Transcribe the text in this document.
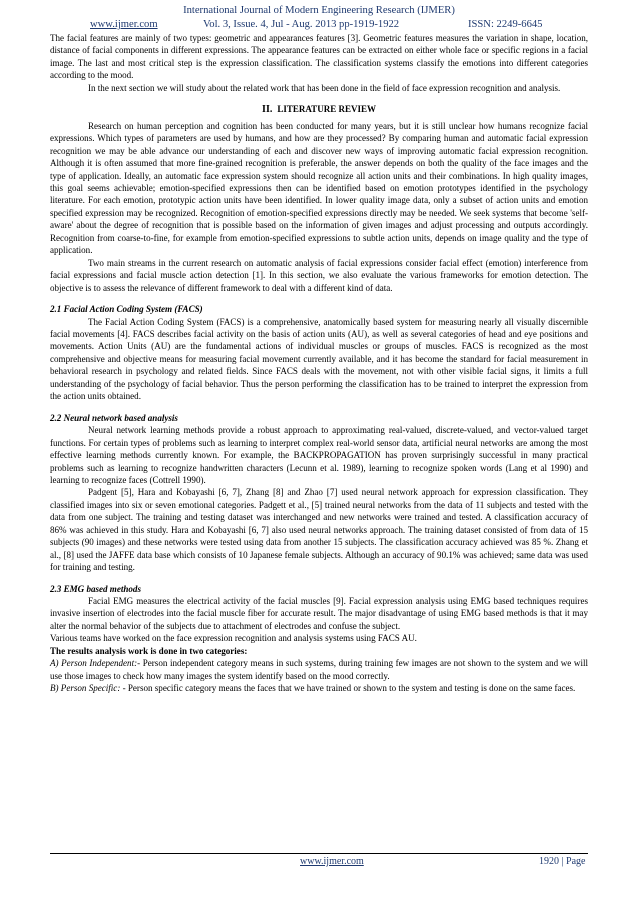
International Journal of Modern Engineering Research (IJMER)
www.ijmer.com	Vol. 3, Issue. 4, Jul - Aug. 2013 pp-1919-1922	ISSN: 2249-6645

The facial features are mainly of two types: geometric and appearances features [3]. Geometric features measures the variation in shape, location, distance of facial components in different expressions. The appearance features can be extracted on either whole face or specific regions in a facial image. The last and most critical step is the expression classification. The classification systems classify the emotions into different categories according to the mood.

In the next section we will study about the related work that has been done in the field of face expression recognition and analysis.

II. LITERATURE REVIEW

Research on human perception and cognition has been conducted for many years, but it is still unclear how humans recognize facial expressions. Which types of parameters are used by humans, and how are they processed? By comparing human and automatic facial expression recognition we may be able advance our understanding of each and discover new ways of improving automatic facial expression recognition. Although it is often assumed that more fine-grained recognition is preferable, the answer depends on both the quality of the face images and the type of application. Ideally, an automatic face expression system should recognize all action units and their combinations. In high quality images, this goal seems achievable; emotion-specified expressions then can be identified based on emotion prototypes identified in the psychology literature. For each emotion, prototypic action units have been identified. In lower quality image data, only a subset of action units and emotion specified expression may be recognized. Recognition of emotion-specified expressions directly may be needed. We seek systems that become 'self-aware' about the degree of recognition that is possible based on the information of given images and adjust processing and outputs accordingly. Recognition from coarse-to-fine, for example from emotion-specified expressions to subtle action units, depends on image quality and the type of application.

Two main streams in the current research on automatic analysis of facial expressions consider facial effect (emotion) interference from facial expressions and facial muscle action detection [1]. In this section, we also evaluate the various frameworks for emotion detection. The objective is to assess the relevance of different framework to deal with a different kind of data.

2.1 Facial Action Coding System (FACS)

The Facial Action Coding System (FACS) is a comprehensive, anatomically based system for measuring nearly all visually discernible facial movements [4]. FACS describes facial activity on the basis of action units (AU), as well as several categories of head and eye positions and movements. Action Units (AU) are the fundamental actions of individual muscles or groups of muscles. FACS is recognized as the most comprehensive and objective means for measuring facial movement currently available, and it has become the standard for facial measurement in behavioral research in psychology and related fields. Since FACS deals with the movement, not with other visible facial signs, it limits a full understanding of the psychology of facial behavior. Thus the person performing the classification has to be trained to interpret the expression from the action units obtained.

2.2 Neural network based analysis

Neural network learning methods provide a robust approach to approximating real-valued, discrete-valued, and vector-valued target functions. For certain types of problems such as learning to interpret complex real-world sensor data, artificial neural networks are among the most effective learning methods currently known. For example, the BACKPROPAGATION has proven surprisingly successful in many practical problems such as learning to recognize handwritten characters (Lecunn et al. 1989), learning to recognize spoken words (Lang et al 1990) and learning to recognize faces (Cottrell 1990).

Padgent [5], Hara and Kobayashi [6, 7], Zhang [8] and Zhao [7] used neural network approach for expression classification. They classified images into six or seven emotional categories. Padgett et al., [5] trained neural networks from the data of 11 subjects and tested with the data from one subject. The training and testing dataset was interchanged and new networks were trained and tested. A classification accuracy of 86% was achieved in this study. Hara and Kobayashi [6, 7] also used neural networks approach. The training dataset consisted of from data of 15 subjects (90 images) and these networks were tested using data from another 15 subjects. The classification accuracy achieved was 85 %. Zhang et al., [8] used the JAFFE data base which consists of 10 Japanese female subjects. Although an accuracy of 90.1% was achieved; same data was used for training and testing.

2.3 EMG based methods

Facial EMG measures the electrical activity of the facial muscles [9]. Facial expression analysis using EMG based techniques requires invasive insertion of electrodes into the facial muscle fiber for accurate result. The major disadvantage of using EMG based methods is that it may alter the normal behavior of the subjects due to attachment of electrodes and confuse the subject.

Various teams have worked on the face expression recognition and analysis systems using FACS AU.

The results analysis work is done in two categories:

A) Person Independent:- Person independent category means in such systems, during training few images are not shown to the system and we will use those images to check how many images the system identify based on the mood correctly.

B) Person Specific: - Person specific category means the faces that we have trained or shown to the system and testing is done on the same faces.

www.ijmer.com	1920 | Page
